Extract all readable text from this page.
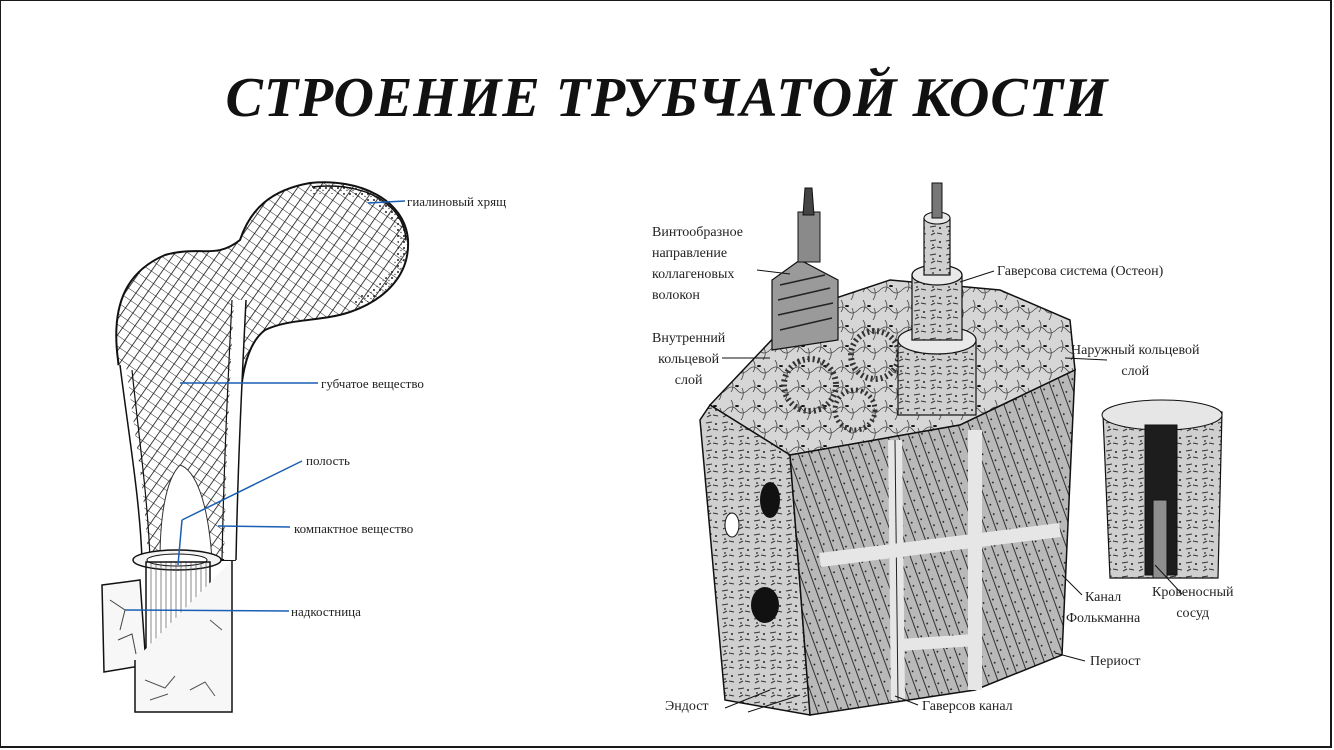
СТРОЕНИЕ ТРУБЧАТОЙ КОСТИ
гиалиновый хрящ
губчатое вещество
полость
компактное вещество
надкостница
Винтообразное
направление
коллагеновых
волокон
Гаверсова система (Остеон)
Внутренний
кольцевой
слой
Наружный кольцевой
слой
Канал
Фолькманна
Кровеносный
сосуд
Периост
Эндост	Гаверсов канал
